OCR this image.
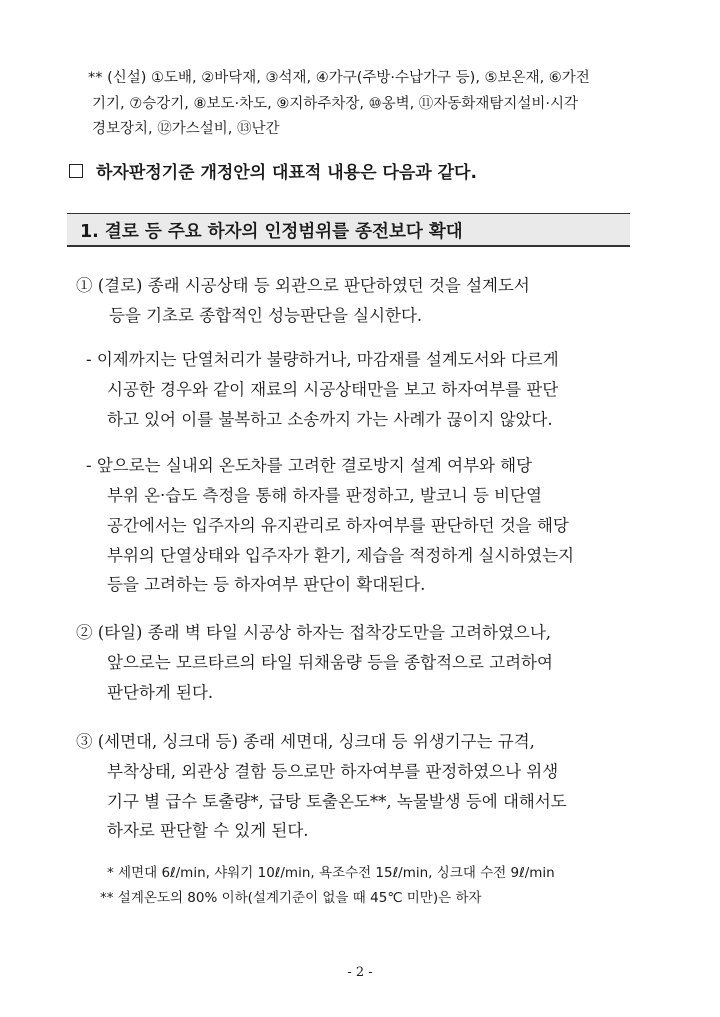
** (신설) ①도배, ②바닥재, ③석재, ④가구(주방·수납가구 등), ⑤보온재, ⑥가전
기기, ⑦승강기, ⑧보도·차도, ⑨지하주차장, ⑩옹벽, ⑪자동화재탐지설비·시각
경보장치, ⑫가스설비, ⑬난간
하자판정기준 개정안의 대표적 내용은 다음과 같다.
1. 결로 등 주요 하자의 인정범위를 종전보다 확대
① (결로) 종래 시공상태 등 외관으로 판단하였던 것을 설계도서
등을 기초로 종합적인 성능판단을 실시한다.
- 이제까지는 단열처리가 불량하거나, 마감재를 설계도서와 다르게
시공한 경우와 같이 재료의 시공상태만을 보고 하자여부를 판단
하고 있어 이를 불복하고 소송까지 가는 사례가 끊이지 않았다.
- 앞으로는 실내외 온도차를 고려한 결로방지 설계 여부와 해당
부위 온·습도 측정을 통해 하자를 판정하고, 발코니 등 비단열
공간에서는 입주자의 유지관리로 하자여부를 판단하던 것을 해당
부위의 단열상태와 입주자가 환기, 제습을 적정하게 실시하였는지
등을 고려하는 등 하자여부 판단이 확대된다.
② (타일) 종래 벽 타일 시공상 하자는 접착강도만을 고려하였으나,
앞으로는 모르타르의 타일 뒤채움량 등을 종합적으로 고려하여
판단하게 된다.
③ (세면대, 싱크대 등) 종래 세면대, 싱크대 등 위생기구는 규격,
부착상태, 외관상 결함 등으로만 하자여부를 판정하였으나 위생
기구 별 급수 토출량*, 급탕 토출온도**, 녹물발생 등에 대해서도
하자로 판단할 수 있게 된다.
* 세면대 6ℓ/min, 샤워기 10ℓ/min, 욕조수전 15ℓ/min, 싱크대 수전 9ℓ/min
** 설계온도의 80% 이하(설계기준이 없을 때 45℃ 미만)은 하자
- 2 -
